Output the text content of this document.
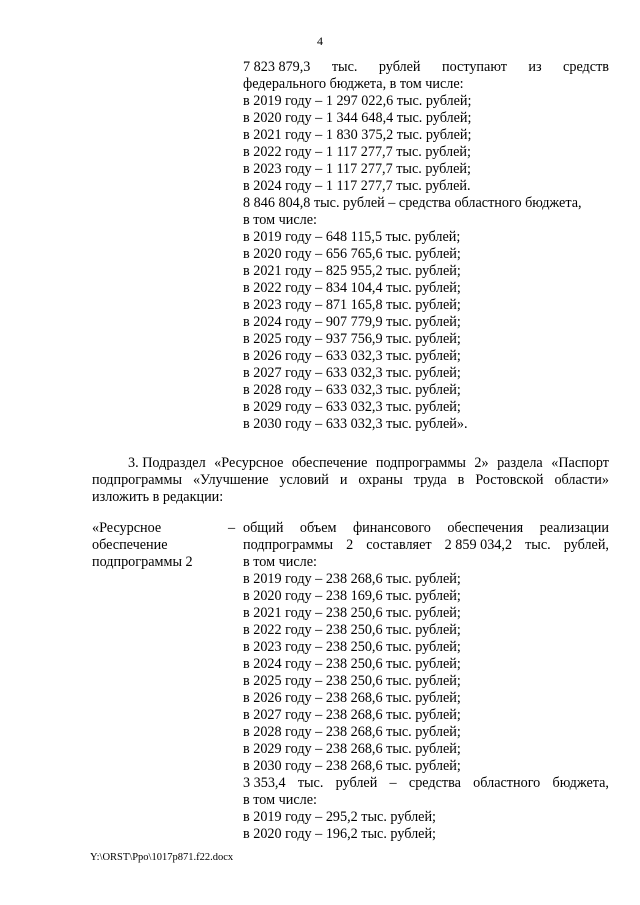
4
7 823 879,3 тыс. рублей поступают из средств
федерального бюджета, в том числе:
в 2019 году – 1 297 022,6 тыс. рублей;
в 2020 году – 1 344 648,4 тыс. рублей;
в 2021 году – 1 830 375,2 тыс. рублей;
в 2022 году – 1 117 277,7 тыс. рублей;
в 2023 году – 1 117 277,7 тыс. рублей;
в 2024 году – 1 117 277,7 тыс. рублей.
8 846 804,8 тыс. рублей – средства областного бюджета,
в том числе:
в 2019 году – 648 115,5 тыс. рублей;
в 2020 году – 656 765,6 тыс. рублей;
в 2021 году – 825 955,2 тыс. рублей;
в 2022 году – 834 104,4 тыс. рублей;
в 2023 году – 871 165,8 тыс. рублей;
в 2024 году – 907 779,9 тыс. рублей;
в 2025 году – 937 756,9 тыс. рублей;
в 2026 году – 633 032,3 тыс. рублей;
в 2027 году – 633 032,3 тыс. рублей;
в 2028 году – 633 032,3 тыс. рублей;
в 2029 году – 633 032,3 тыс. рублей;
в 2030 году – 633 032,3 тыс. рублей».
3. Подраздел «Ресурсное обеспечение подпрограммы 2» раздела «Паспорт
подпрограммы «Улучшение условий и охраны труда в Ростовской области»
изложить в редакции:
«Ресурсное
обеспечение
подпрограммы 2
– общий объем финансового обеспечения реализации
подпрограммы 2 составляет 2 859 034,2 тыс. рублей,
в том числе:
в 2019 году – 238 268,6 тыс. рублей;
в 2020 году – 238 169,6 тыс. рублей;
в 2021 году – 238 250,6 тыс. рублей;
в 2022 году – 238 250,6 тыс. рублей;
в 2023 году – 238 250,6 тыс. рублей;
в 2024 году – 238 250,6 тыс. рублей;
в 2025 году – 238 250,6 тыс. рублей;
в 2026 году – 238 268,6 тыс. рублей;
в 2027 году – 238 268,6 тыс. рублей;
в 2028 году – 238 268,6 тыс. рублей;
в 2029 году – 238 268,6 тыс. рублей;
в 2030 году – 238 268,6 тыс. рублей;
3 353,4 тыс. рублей – средства областного бюджета,
в том числе:
в 2019 году – 295,2 тыс. рублей;
в 2020 году – 196,2 тыс. рублей;
Y:\ORST\Ppo\1017p871.f22.docx
